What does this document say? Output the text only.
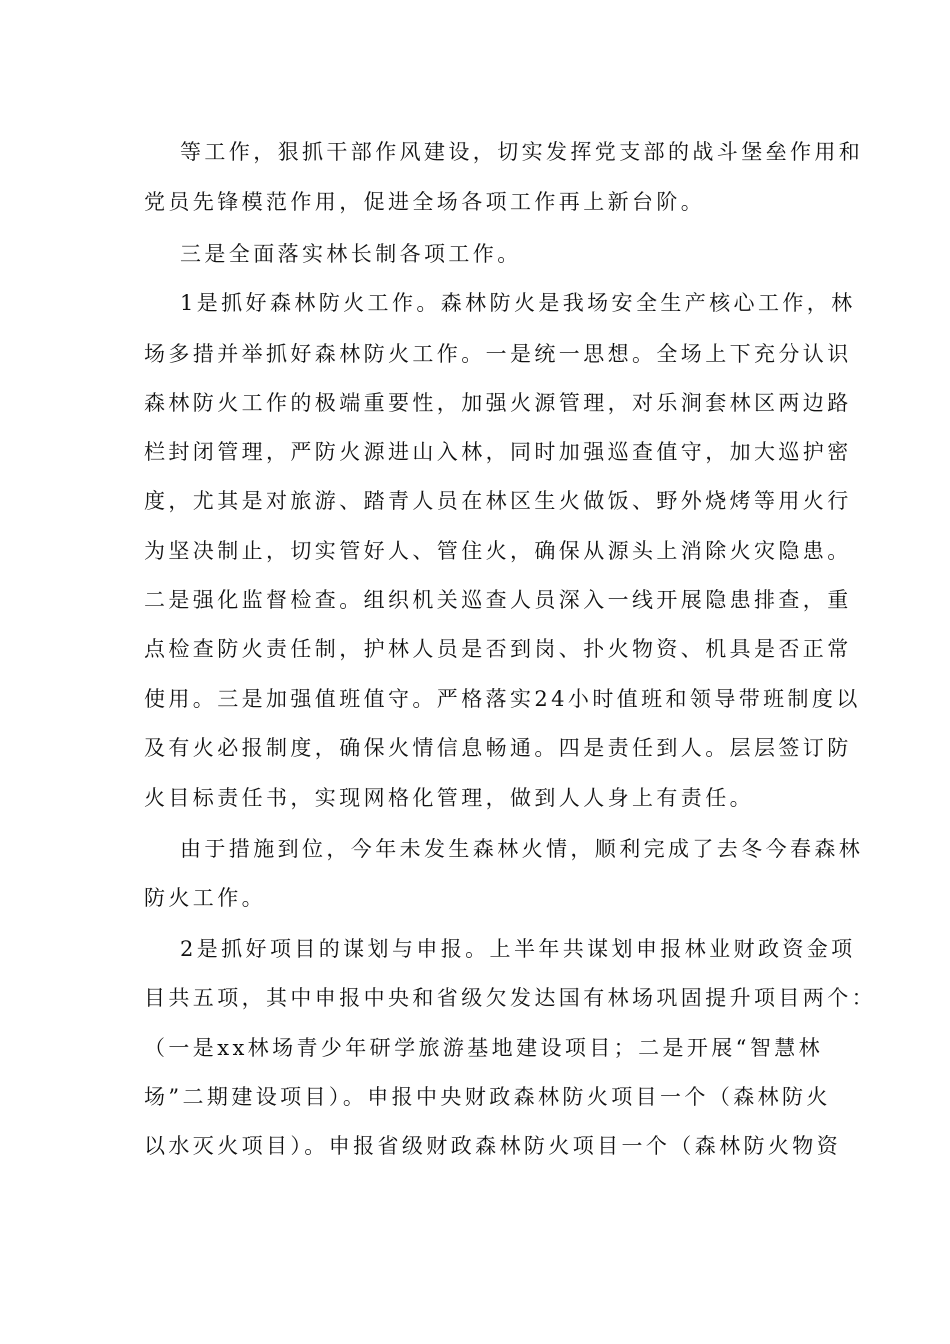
等工作，狠抓干部作风建设，切实发挥党支部的战斗堡垒作用和
党员先锋模范作用，促进全场各项工作再上新台阶。
三是全面落实林长制各项工作。
1是抓好森林防火工作。森林防火是我场安全生产核心工作，林
场多措并举抓好森林防火工作。一是统一思想。全场上下充分认识
森林防火工作的极端重要性，加强火源管理，对乐涧套林区两边路
栏封闭管理，严防火源进山入林，同时加强巡查值守，加大巡护密
度，尤其是对旅游、踏青人员在林区生火做饭、野外烧烤等用火行
为坚决制止，切实管好人、管住火，确保从源头上消除火灾隐患。
二是强化监督检查。组织机关巡查人员深入一线开展隐患排查，重
点检查防火责任制，护林人员是否到岗、扑火物资、机具是否正常
使用。三是加强值班值守。严格落实24小时值班和领导带班制度以
及有火必报制度，确保火情信息畅通。四是责任到人。层层签订防
火目标责任书，实现网格化管理，做到人人身上有责任。
由于措施到位，今年未发生森林火情，顺利完成了去冬今春森林
防火工作。
2是抓好项目的谋划与申报。上半年共谋划申报林业财政资金项
目共五项，其中申报中央和省级欠发达国有林场巩固提升项目两个：
（一是xx林场青少年研学旅游基地建设项目；二是开展“智慧林
场”二期建设项目）。申报中央财政森林防火项目一个（森林防火
以水灭火项目）。申报省级财政森林防火项目一个（森林防火物资
